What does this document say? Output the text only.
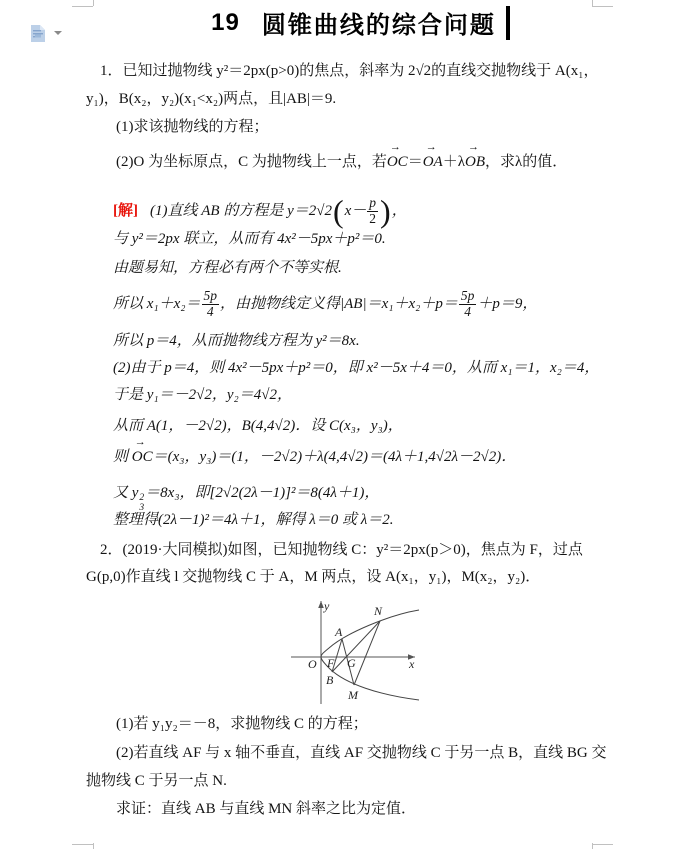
19 圆锥曲线的综合问题
1．已知过抛物线 y²＝2px(p>0)的焦点，斜率为 2√2的直线交抛物线于 A(x₁，
y₁)，B(x₂，y₂)(x₁<x₂)两点，且|AB|＝9.
(1)求该抛物线的方程；
(2)O 为坐标原点，C 为抛物线上一点，若OC →＝OA →＋λOB →，求λ的值．
[解] (1)直线 AB 的方程是 y＝2√2 ( $x- \frac{p}{2}$ ) ，
与 y²＝2px 联立，从而有 4x²－5px＋p²＝0.
由题易知，方程必有两个不等实根.
所以 $x_1+x_2= \frac{5p}{4}$ ，由抛物线定义得$|AB|=x_1+x_2+p= \frac{5p}{4} +p=9$，
所以 p＝4，从而抛物线方程为 y²＝8x.
(2)由于 p＝4，则 4x²－5px＋p²＝0，即 x²－5x＋4＝0，从而 x₁＝1，x₂＝4，
于是 y₁＝－2√2，y₂＝4√2，
从而 A(1，－2√2)，B(4,4√2)．设 C(x₃，y₃)，
则 OC →＝(x₃，y₃)＝(1，－2√2)＋λ(4,4√2)＝(4λ＋1,4√2λ－2√2)．
又 y 2
3
＝8x₃，即[2√2(2λ－1)]²＝8(4λ＋1)，
整理得(2λ－1)²＝4λ＋1，解得 λ＝0 或 λ＝2.
2．(2019·大同模拟)如图，已知抛物线 C：y²＝2px(p＞0)，焦点为 F，过点
G(p,0)作直线 l 交抛物线 C 于 A，M 两点，设 A(x₁，y₁)，M(x₂，y₂)．
y
x
O F G
A
B
M
N
(1)若 y₁y₂＝－8，求抛物线 C 的方程；
(2)若直线 AF 与 x 轴不垂直，直线 AF 交抛物线 C 于另一点 B，直线 BG 交
抛物线 C 于另一点 N.
求证：直线 AB 与直线 MN 斜率之比为定值．
